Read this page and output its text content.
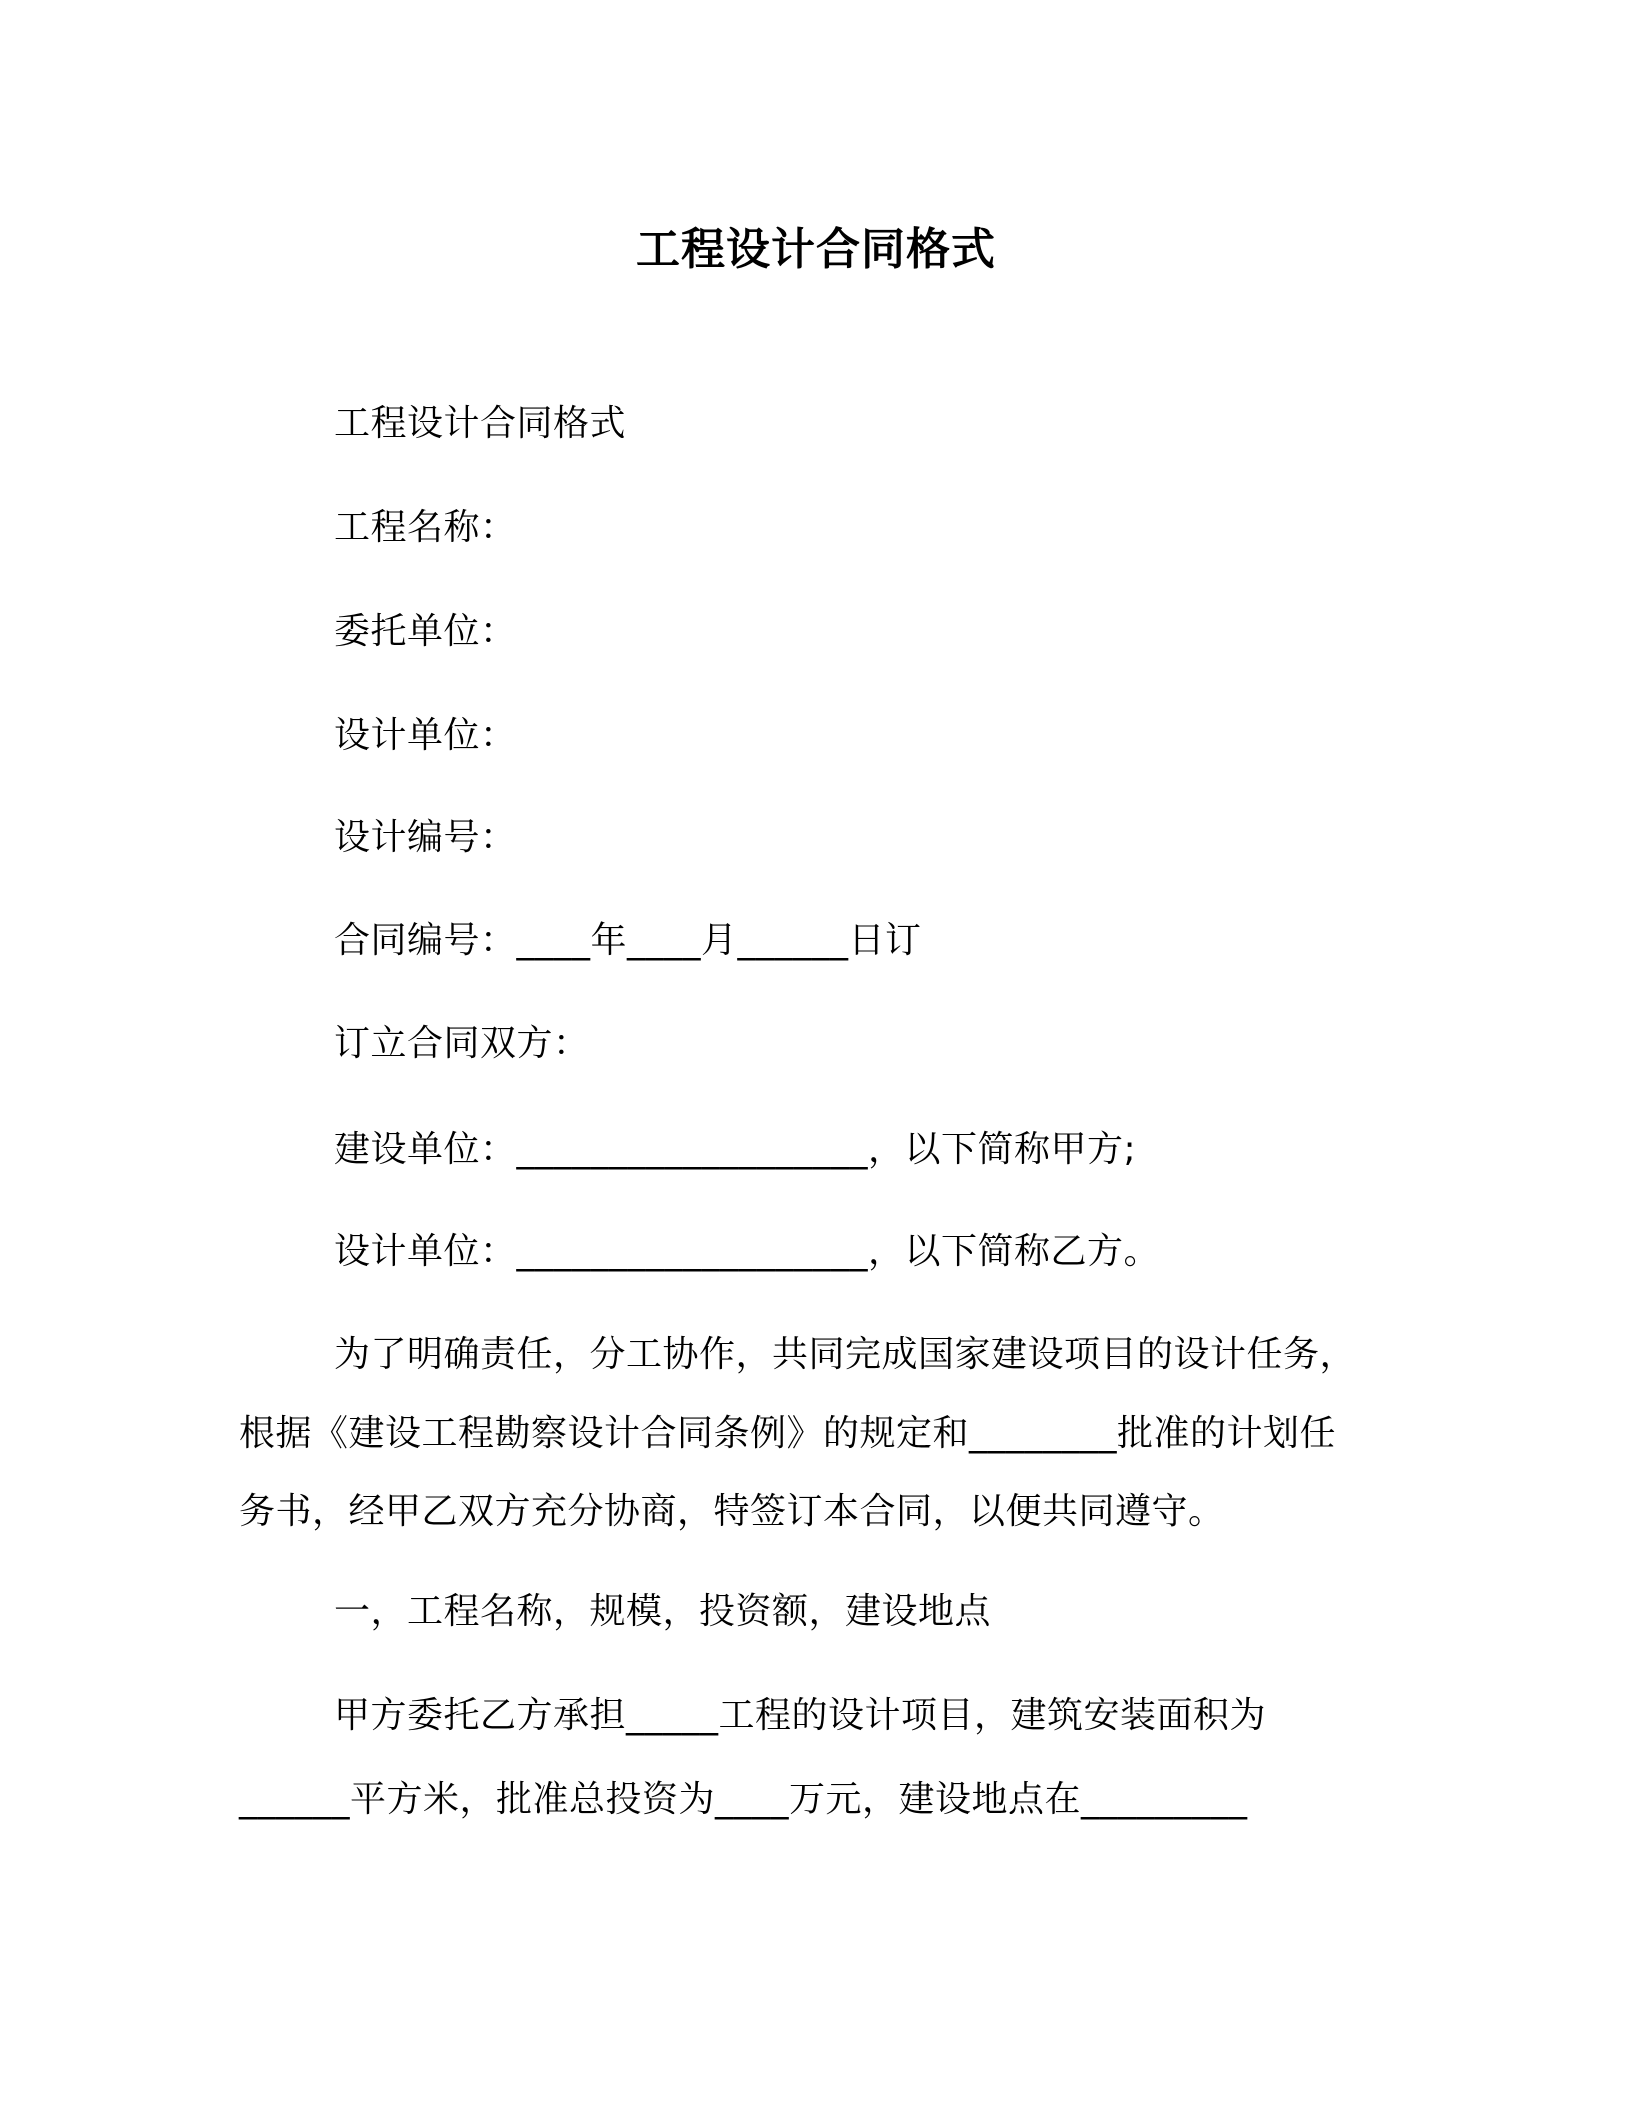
工程设计合同格式
工程设计合同格式
工程名称：
委托单位：
设计单位：
设计编号：
合同编号：____年____月______日订
订立合同双方：
建设单位：___________________，以下简称甲方;
设计单位：___________________，以下简称乙方。
为了明确责任，分工协作，共同完成国家建设项目的设计任务，
根据《建设工程勘察设计合同条例》的规定和________批准的计划任
务书，经甲乙双方充分协商，特签订本合同，以便共同遵守。
一，工程名称，规模，投资额，建设地点
甲方委托乙方承担_____工程的设计项目，建筑安装面积为
______平方米，批准总投资为____万元，建设地点在_________
